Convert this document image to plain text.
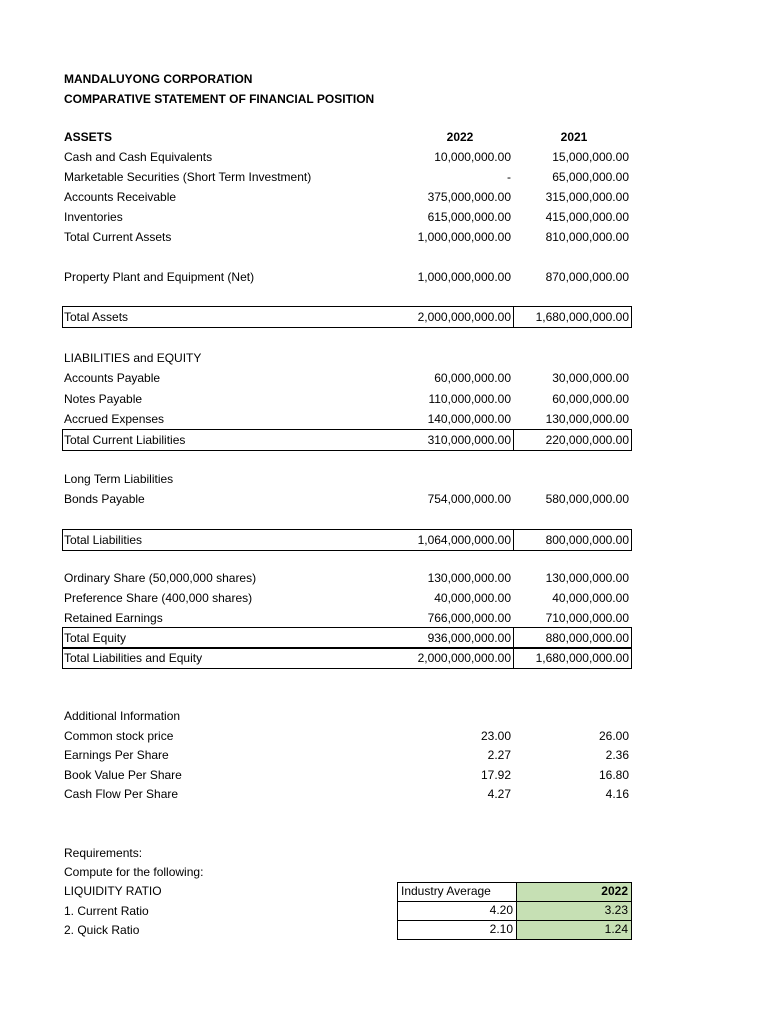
MANDALUYONG CORPORATION
COMPARATIVE STATEMENT OF FINANCIAL POSITION
ASSETS	2022	2021
Cash and Cash Equivalents	10,000,000.00	15,000,000.00
Marketable Securities (Short Term Investment)	-	65,000,000.00
Accounts Receivable	375,000,000.00	315,000,000.00
Inventories	615,000,000.00	415,000,000.00
Total Current Assets	1,000,000,000.00	810,000,000.00
Property Plant and Equipment (Net)	1,000,000,000.00	870,000,000.00
Total Assets	2,000,000,000.00	1,680,000,000.00
LIABILITIES and EQUITY
Accounts Payable	60,000,000.00	30,000,000.00
Notes Payable	110,000,000.00	60,000,000.00
Accrued Expenses	140,000,000.00	130,000,000.00
Total Current Liabilities	310,000,000.00	220,000,000.00
Long Term Liabilities
Bonds Payable	754,000,000.00	580,000,000.00
Total Liabilities	1,064,000,000.00	800,000,000.00
Ordinary Share (50,000,000 shares)	130,000,000.00	130,000,000.00
Preference Share (400,000 shares)	40,000,000.00	40,000,000.00
Retained Earnings	766,000,000.00	710,000,000.00
Total Equity	936,000,000.00	880,000,000.00
Total Liabilities and Equity	2,000,000,000.00	1,680,000,000.00
Additional Information
Common stock price	23.00	26.00
Earnings Per Share	2.27	2.36
Book Value Per Share	17.92	16.80
Cash Flow Per Share	4.27	4.16
Requirements:
Compute for the following:
LIQUIDITY RATIO
1. Current Ratio
2. Quick Ratio
Industry Average	2022
4.20	3.23
2.10	1.24
